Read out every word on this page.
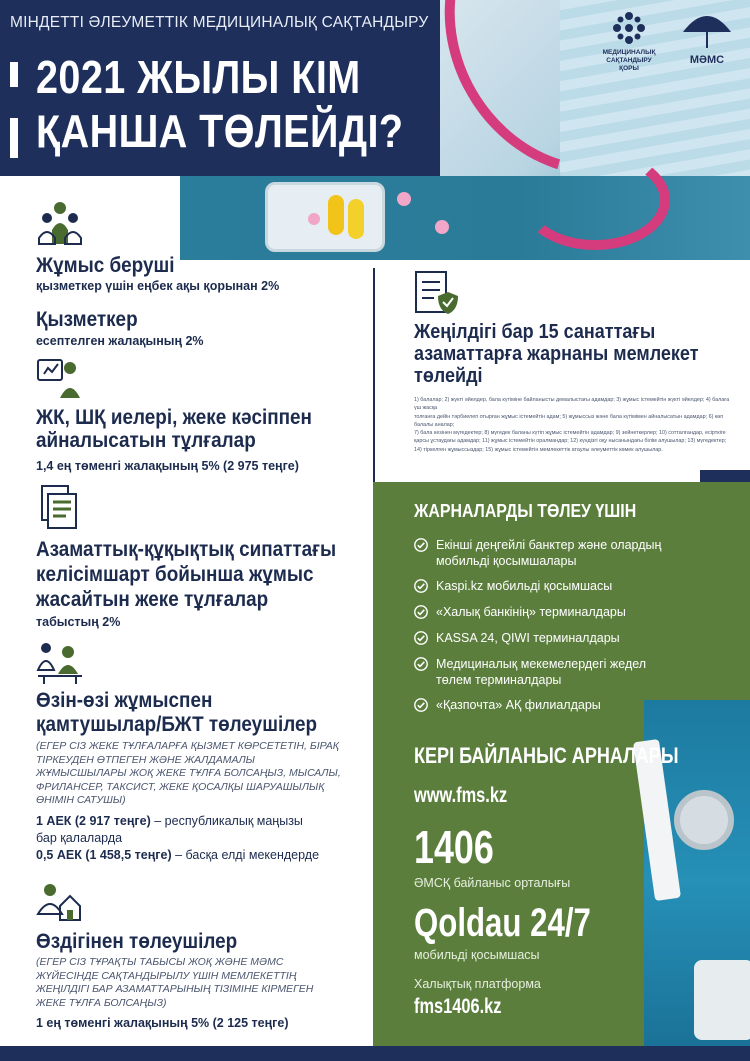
МІНДЕТТІ ӘЛЕУМЕТТІК МЕДИЦИНАЛЫҚ САҚТАНДЫРУ
2021 ЖЫЛЫ КІМ
ҚАНША ТӨЛЕЙДІ?
МЕДИЦИНАЛЫҚ САҚТАНДЫРУ ҚОРЫ
МӘМС
Жұмыс беруші
қызметкер үшін еңбек ақы қорынан 2%
Қызметкер
есептелген жалақының 2%
ЖК, ШҚ иелері, жеке кәсіппен
айналысатын тұлғалар
1,4 ең төменгі жалақының 5% (2 975 теңге)
Азаматтық-құқықтық сипаттағы
келісімшарт бойынша жұмыс
жасайтын жеке тұлғалар
табыстың 2%
Өзін-өзі жұмыспен
қамтушылар/БЖТ төлеушілер
(ЕГЕР СІЗ ЖЕКЕ ТҰЛҒАЛАРҒА ҚЫЗМЕТ КӨРСЕТЕТІН, БІРАҚ
ТІРКЕУДЕН ӨТПЕГЕН ЖӘНЕ ЖАЛДАМАЛЫ
ЖҰМЫСШЫЛАРЫ ЖОҚ ЖЕКЕ ТҰЛҒА БОЛСАҢЫЗ, МЫСАЛЫ,
ФРИЛАНСЕР, ТАКСИСТ, ЖЕКЕ ҚОСАЛҚЫ ШАРУАШЫЛЫҚ
ӨНІМІН САТУШЫ)
1 АЕК (2 917 теңге) – республикалық маңызы
бар қалаларда
0,5 АЕК (1 458,5 теңге) – басқа елді мекендерде
Өздігінен төлеушілер
(ЕГЕР СІЗ ТҰРАҚТЫ ТАБЫСЫ ЖОҚ ЖӘНЕ МӘМС
ЖҮЙЕСІНДЕ САҚТАНДЫРЫЛУ ҮШІН МЕМЛЕКЕТТІҢ
ЖЕҢІЛДІГІ БАР АЗАМАТТАРЫНЫҢ ТІЗІМІНЕ КІРМЕГЕН
ЖЕКЕ ТҰЛҒА БОЛСАҢЫЗ)
1 ең төменгі жалақының 5% (2 125 теңге)
Жеңілдігі бар 15 санаттағы
азаматтарға жарнаны мемлекет
төлейді
1) балалар; 2) жүкті әйелдер, бала күтіміне байланысты демалыстағы адамдар; 3) жұмыс істемейтін жүкті әйелдер; 4) балаға үш жасқа
толғанға дейін тәрбиелеп отырған жұмыс істемейтін адам; 5) жұмыссыз және бала күтімімен айналысатын адамдар; 6) көп балалы аналар;
7) бала кезінен мүгедектер; 8) мүгедек баланы күтіп жұмыс істемейтін адамдар; 9) зейнеткерлер; 10) сотталғандар, есірткіге
қарсы ұстаудағы адамдар; 11) жұмыс істемейтін оралмандар; 12) күндізгі оқу нысанындағы білім алушылар; 13) мүгедектер;
14) тіркелген жұмыссыздар; 15) жұмыс істемейтін мемлекеттік атаулы әлеуметтік көмек алушылар.
ЖАРНАЛАРДЫ ТӨЛЕУ ҮШІН
Екінші деңгейлі банктер және олардың
мобильді қосымшалары
Kaspi.kz мобильді қосымшасы
«Халық банкінің» терминалдары
KASSA 24, QIWI терминалдары
Медициналық мекемелердегі жедел
төлем терминалдары
«Қазпочта» АҚ филиалдары
КЕРІ БАЙЛАНЫС АРНАЛАРЫ
www.fms.kz
1406
ӘМСҚ байланыс орталығы
Qoldau 24/7
мобильді қосымшасы
Халықтық платформа
fms1406.kz
